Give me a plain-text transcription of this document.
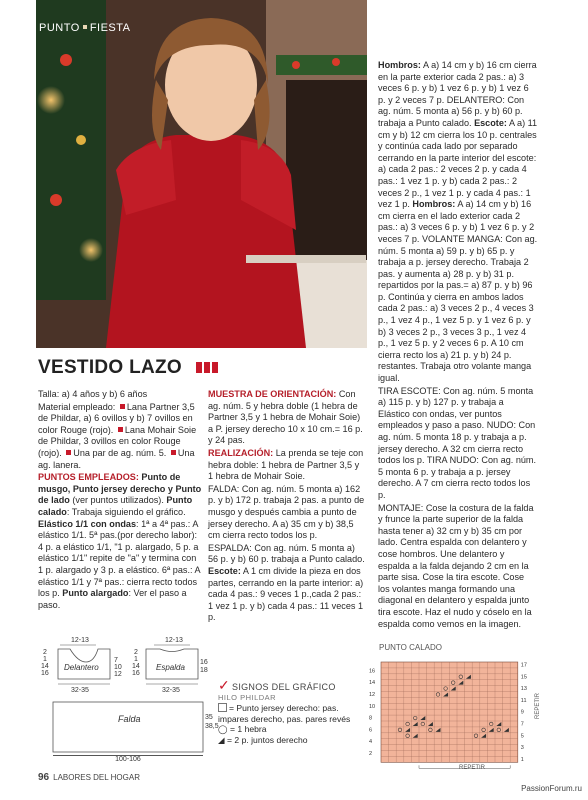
PUNTO FIESTA
VESTIDO LAZO

Talla: a) 4 años y b) 6 años

Material empleado: Lana Partner 3,5 de Phildar, a) 6 ovillos y b) 7 ovillos en color Rouge (rojo). Lana Mohair Soie de Phildar, 3 ovillos en color Rouge (rojo). Una par de ag. núm. 5. Una ag. lanera.

PUNTOS EMPLEADOS: Punto de musgo, Punto jersey derecho y Punto de lado (ver puntos utilizados). Punto calado: Trabaja siguiendo el gráfico. Elástico 1/1 con ondas: 1ª a 4ª pas.: A elástico 1/1. 5ª pas.(por derecho labor): 4 p. a elástico 1/1, "1 p. alargado, 5 p. a elástico 1/1" repite de "a" y termina con 1 p. alargado y 3 p. a elástico. 6ª pas.: A elástico 1/1 y 7ª pas.: cierra recto todos los p. Punto alargado: Ver el paso a paso.

MUESTRA DE ORIENTACIÓN: Con ag. núm. 5 y hebra doble (1 hebra de Partner 3,5 y 1 hebra de Mohair Soie) a P. jersey derecho 10 x 10 cm.= 16 p. y 24 pas.

REALIZACIÓN: La prenda se teje con hebra doble: 1 hebra de Partner 3,5 y 1 hebra de Mohair Soie.

FALDA: Con ag. núm. 5 monta a) 162 p. y b) 172 p. trabaja 2 pas. a punto de musgo y después cambia a punto de jersey derecho. A a) 35 cm y b) 38,5 cm cierra recto todos los p.

ESPALDA: Con ag. núm. 5 monta a) 56 p. y b) 60 p. trabaja a Punto calado. Escote: A 1 cm divide la pieza en dos partes, cerrando en la parte interior: a) cada 4 pas.: 9 veces 1 p.,cada 2 pas.: 1 vez 1 p. y b) cada 4 pas.: 11 veces 1 p.

Hombros: A a) 14 cm y b) 16 cm cierra en la parte exterior cada 2 pas.: a) 3 veces 6 p. y b) 1 vez 6 p. y b) 1 vez 6 p. y 2 veces 7 p. DELANTERO: Con ag. núm. 5 monta a) 56 p. y b) 60 p. trabaja a Punto calado. Escote: A a) 11 cm y b) 12 cm cierra los 10 p. centrales y continúa cada lado por separado cerrando en la parte interior del escote: a) cada 2 pas.: 2 veces 2 p. y cada 4 pas.: 1 vez 1 p. y b) cada 2 pas.: 2 veces 2 p., 1 vez 1 p. y cada 4 pas.: 1 vez 1 p. Hombros: A a) 14 cm y b) 16 cm cierra en el lado exterior cada 2 pas.: a) 3 veces 6 p. y b) 1 vez 6 p. y 2 veces 7 p. VOLANTE MANGA: Con ag. núm. 5 monta a) 59 p. y b) 65 p. y trabaja a p. jersey derecho. Trabaja 2 pas. y aumenta a) 28 p. y b) 31 p. repartidos por la pas.= a) 87 p. y b) 96 p. Continúa y cierra en ambos lados cada 2 pas.: a) 3 veces 2 p., 4 veces 3 p., 1 vez 4 p., 1 vez 5 p. y 1 vez 6 p. y b) 3 veces 2 p., 3 veces 3 p., 1 vez 4 p., 1 vez 5 p. y 2 veces 6 p. A 10 cm cierra recto los a) 21 p. y b) 24 p. restantes. Trabaja otro volante manga igual.

TIRA ESCOTE: Con ag. núm. 5 monta a) 115 p. y b) 127 p. y trabaja a Elástico con ondas, ver puntos empleados y paso a paso. NUDO: Con ag. núm. 5 monta 18 p. y trabaja a p. jersey derecho. A 32 cm cierra recto todos los p. TIRA NUDO: Con ag. núm. 5 monta 6 p. y trabaja a p. jersey derecho. A 7 cm cierra recto todos los p.

MONTAJE: Cose la costura de la falda y frunce la parte superior de la falda hasta tener a) 32 cm y b) 35 cm por lado. Centra espalda con delantero y cose hombros. Une delantero y espalda a la falda dejando 2 cm en la parte sisa. Cose la tira escote. Cose los volantes manga formando una diagonal en delantero y espalda junto tira escote. Haz el nudo y cóselo en la espalda como vemos en la imagen.

12-13
Delantero
32-35
2
1
14
16
7
10
12
12-13
Espalda
32-35
2
1
14
16
16
18
Falda	35
38,5
100-106
✓ SIGNOS DEL GRÁFICO
HILO PHILDAR
= Punto jersey derecho: pas. impares derecho, pas. pares revés
◯ = 1 hebra
◢ = 2 p. juntos derecho
PUNTO CALADO
16
14
12
10
8
6
4
2
17
15
13
11
9
7
5
3
1
REPETIR
REPETIR
96 LABORES DEL HOGAR
PassionForum.ru
